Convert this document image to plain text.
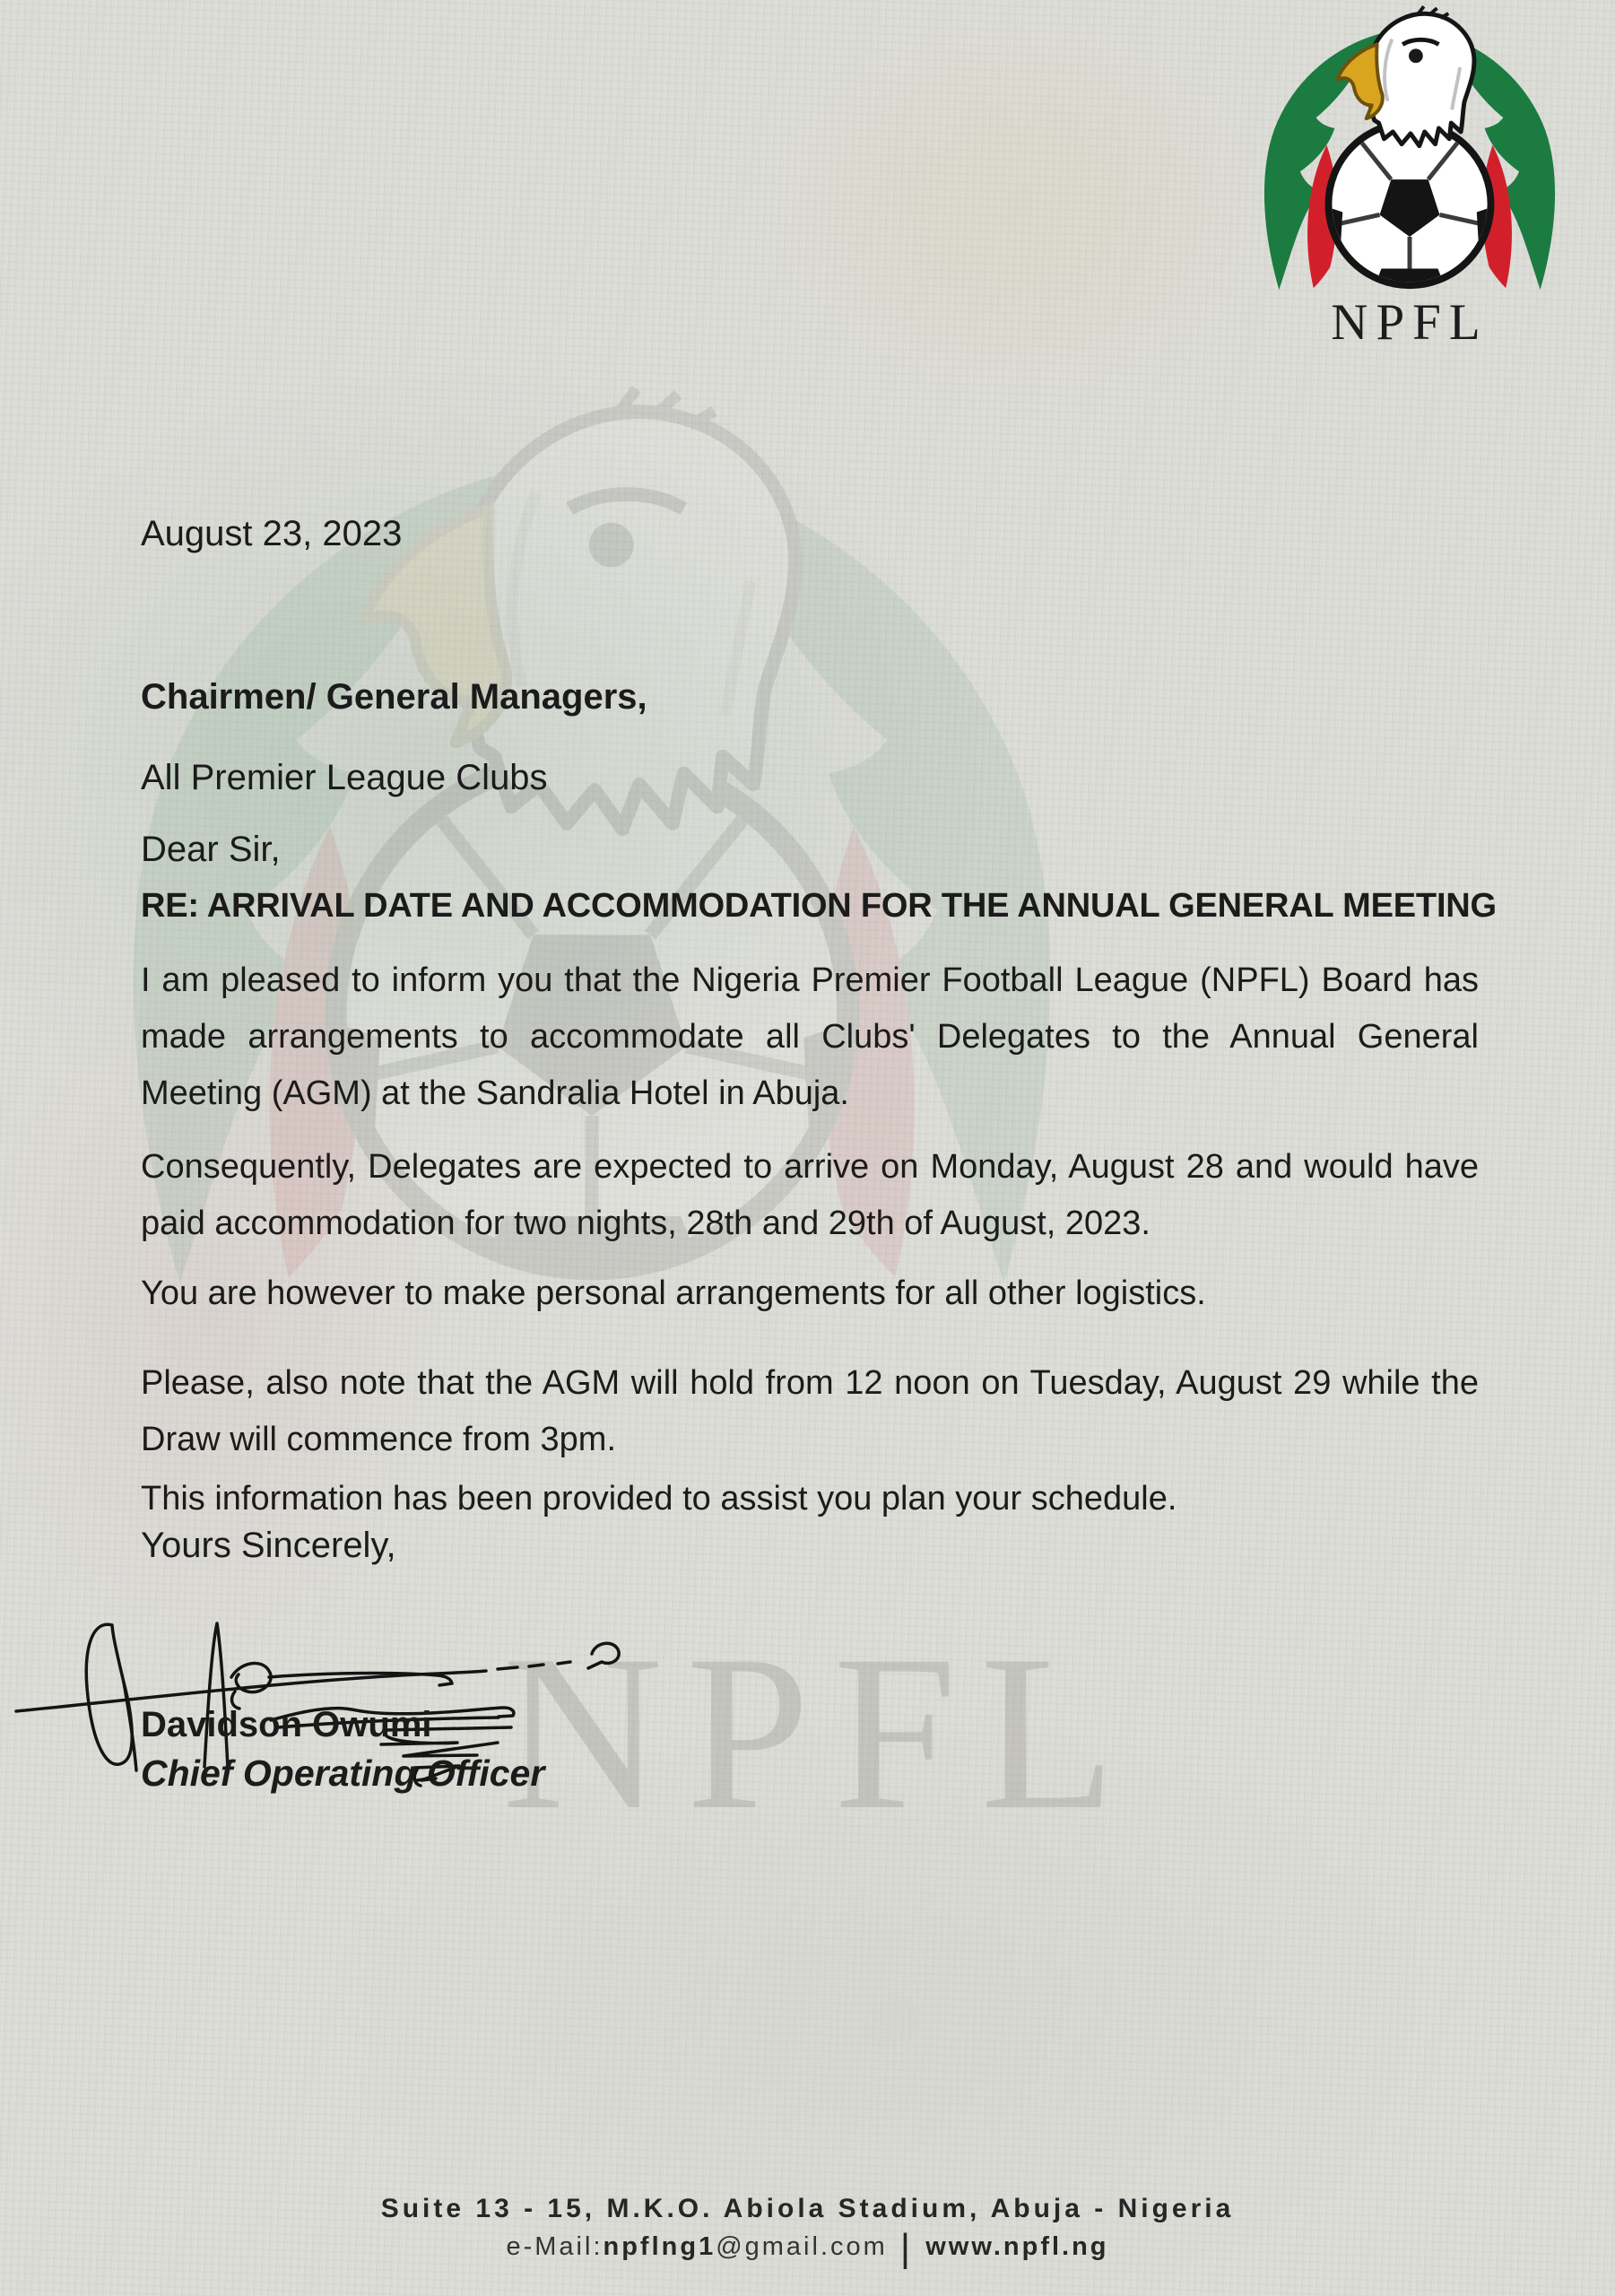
NPFL
NPFL
August 23, 2023
Chairmen/ General Managers,
All Premier League Clubs
Dear Sir,
RE: ARRIVAL DATE AND ACCOMMODATION FOR THE ANNUAL GENERAL MEETING
I am pleased to inform you that the Nigeria Premier Football League (NPFL) Board has made arrangements to accommodate all Clubs' Delegates to the Annual General Meeting (AGM) at the Sandralia Hotel in Abuja.
Consequently, Delegates are expected to arrive on Monday, August 28 and would have paid accommodation for two nights, 28th and 29th of August, 2023.
You are however to make personal arrangements for all other logistics.
Please, also note that the AGM will hold from 12 noon on Tuesday, August 29 while the Draw will commence from 3pm.
This information has been provided to assist you plan your schedule.
Yours Sincerely,
Davidson Owumi
Chief Operating Officer
Suite 13 - 15, M.K.O. Abiola Stadium, Abuja - Nigeria
e-Mail:npflng1@gmail.com | www.npfl.ng
